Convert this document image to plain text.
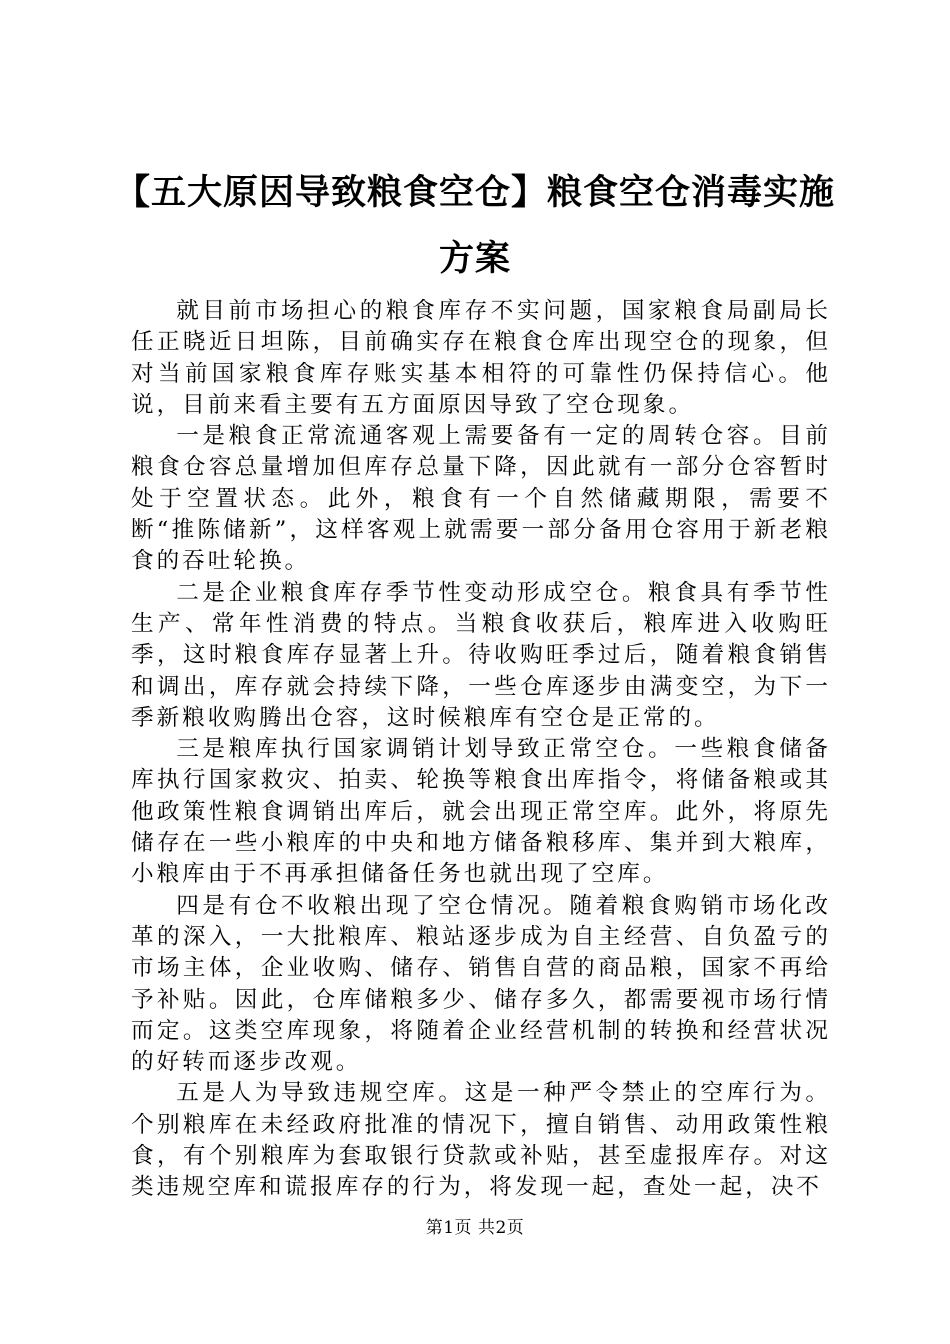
【五大原因导致粮食空仓】粮食空仓消毒实施方案

就目前市场担心的粮食库存不实问题，国家粮食局副局长任正晓近日坦陈，目前确实存在粮食仓库出现空仓的现象，但对当前国家粮食库存账实基本相符的可靠性仍保持信心。他说，目前来看主要有五方面原因导致了空仓现象。

一是粮食正常流通客观上需要备有一定的周转仓容。目前粮食仓容总量增加但库存总量下降，因此就有一部分仓容暂时处于空置状态。此外，粮食有一个自然储藏期限，需要不断“推陈储新”，这样客观上就需要一部分备用仓容用于新老粮食的吞吐轮换。

二是企业粮食库存季节性变动形成空仓。粮食具有季节性生产、常年性消费的特点。当粮食收获后，粮库进入收购旺季，这时粮食库存显著上升。待收购旺季过后，随着粮食销售和调出，库存就会持续下降，一些仓库逐步由满变空，为下一季新粮收购腾出仓容，这时候粮库有空仓是正常的。

三是粮库执行国家调销计划导致正常空仓。一些粮食储备库执行国家救灾、拍卖、轮换等粮食出库指令，将储备粮或其他政策性粮食调销出库后，就会出现正常空库。此外，将原先储存在一些小粮库的中央和地方储备粮移库、集并到大粮库，小粮库由于不再承担储备任务也就出现了空库。

四是有仓不收粮出现了空仓情况。随着粮食购销市场化改革的深入，一大批粮库、粮站逐步成为自主经营、自负盈亏的市场主体，企业收购、储存、销售自营的商品粮，国家不再给予补贴。因此，仓库储粮多少、储存多久，都需要视市场行情而定。这类空库现象，将随着企业经营机制的转换和经营状况的好转而逐步改观。

五是人为导致违规空库。这是一种严令禁止的空库行为。个别粮库在未经政府批准的情况下，擅自销售、动用政策性粮食，有个别粮库为套取银行贷款或补贴，甚至虚报库存。对这类违规空库和谎报库存的行为，将发现一起，查处一起，决不

第1页 共2页
